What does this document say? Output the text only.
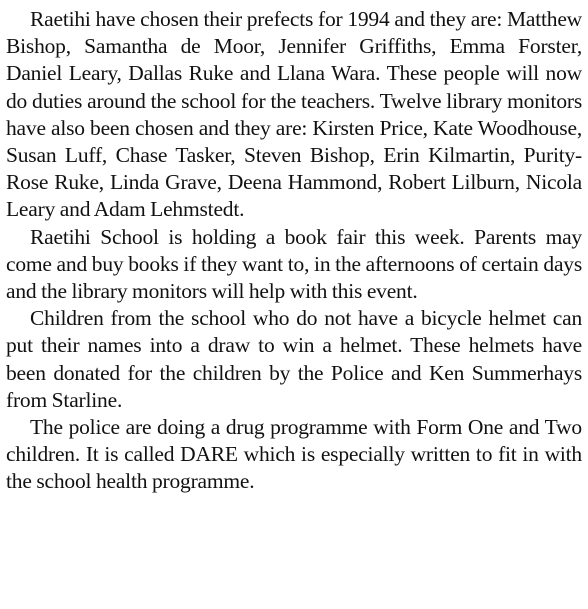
Raetihi have chosen their prefects for 1994 and they are: Matthew Bishop, Samantha de Moor, Jennifer Griffiths, Emma Forster, Daniel Leary, Dallas Ruke and Llana Wara. These people will now do duties around the school for the teachers. Twelve library monitors have also been chosen and they are: Kirsten Price, Kate Woodhouse, Susan Luff, Chase Tasker, Steven Bishop, Erin Kilmartin, Purity-Rose Ruke, Linda Grave, Deena Hammond, Robert Lilburn, Nicola Leary and Adam Lehmstedt.

Raetihi School is holding a book fair this week. Parents may come and buy books if they want to, in the afternoons of certain days and the library monitors will help with this event.

Children from the school who do not have a bicycle helmet can put their names into a draw to win a helmet. These helmets have been donated for the children by the Police and Ken Summerhays from Starline.

The police are doing a drug programme with Form One and Two children. It is called DARE which is especially written to fit in with the school health programme.
